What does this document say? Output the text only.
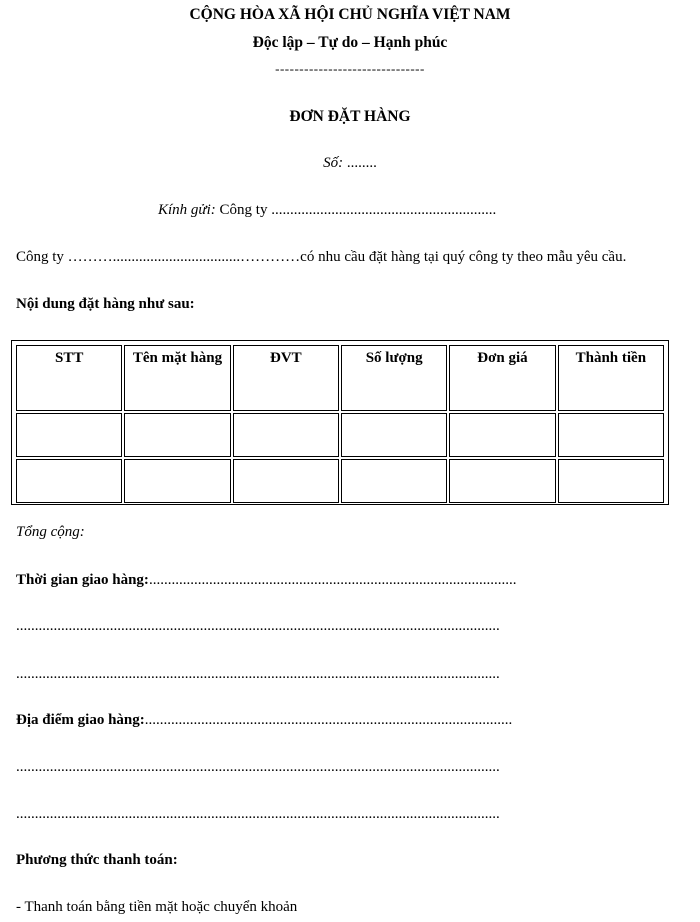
CỘNG HÒA XÃ HỘI CHỦ NGHĨA VIỆT NAM
Độc lập – Tự do – Hạnh phúc
-------------------------------
ĐƠN ĐẶT HÀNG
Số: ........
Kính gửi: Công ty ............................................................
Công ty ………..................................…………có nhu cầu đặt hàng tại quý công ty theo mẫu yêu cầu.
Nội dung đặt hàng như sau:
STT	Tên mặt hàng	ĐVT	Số lượng	Đơn giá	Thành tiền

Tổng cộng:
Thời gian giao hàng:..................................................................................................
.................................................................................................................................
.................................................................................................................................
Địa điểm giao hàng:..................................................................................................
.................................................................................................................................
.................................................................................................................................
Phương thức thanh toán:
- Thanh toán bằng tiền mặt hoặc chuyển khoản
